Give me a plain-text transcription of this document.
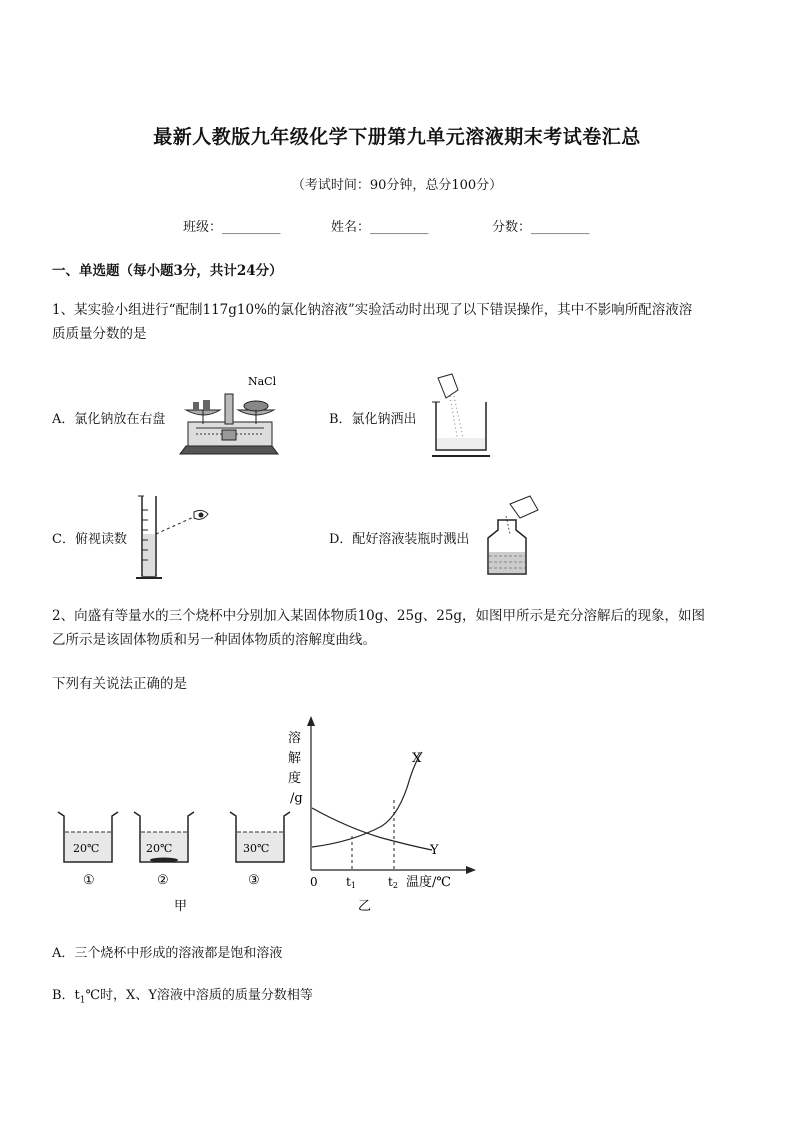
最新人教版九年级化学下册第九单元溶液期末考试卷汇总
（考试时间：90分钟，总分100分）
班级：_________	姓名：_________	分数：_________
一、单选题（每小题3分，共计24分）
1、某实验小组进行“配制117g10%的氯化钠溶液”实验活动时出现了以下错误操作，其中不影响所配溶液溶
质质量分数的是
A．氯化钠放在右盘	B．氯化钠洒出
C．俯视读数	D．配好溶液装瓶时溅出
NaCl
2、向盛有等量水的三个烧杯中分别加入某固体物质10g、25g、25g，如图甲所示是充分溶解后的现象，如图
乙所示是该固体物质和另一种固体物质的溶解度曲线。
下列有关说法正确的是
20℃
①
20℃
②
30℃
③
甲
溶
解
度
/g
X
Y
0 t1	t2 温度/℃
乙
A．三个烧杯中形成的溶液都是饱和溶液
B．$t_1℃$时，X、Y溶液中溶质的质量分数相等
